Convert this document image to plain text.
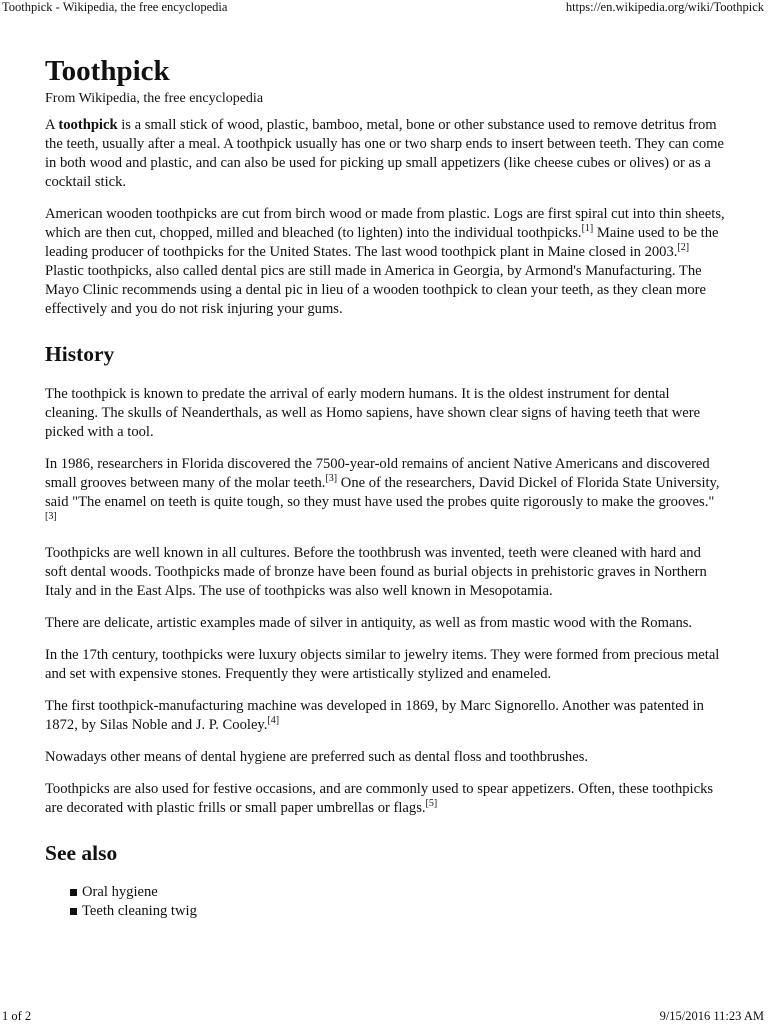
Toothpick - Wikipedia, the free encyclopedia	https://en.wikipedia.org/wiki/Toothpick
Toothpick
From Wikipedia, the free encyclopedia

A toothpick is a small stick of wood, plastic, bamboo, metal, bone or other substance used to remove detritus from the teeth, usually after a meal. A toothpick usually has one or two sharp ends to insert between teeth. They can come in both wood and plastic, and can also be used for picking up small appetizers (like cheese cubes or olives) or as a cocktail stick.

American wooden toothpicks are cut from birch wood or made from plastic. Logs are first spiral cut into thin sheets, which are then cut, chopped, milled and bleached (to lighten) into the individual toothpicks.[1] Maine used to be the leading producer of toothpicks for the United States. The last wood toothpick plant in Maine closed in 2003.[2] Plastic toothpicks, also called dental pics are still made in America in Georgia, by Armond's Manufacturing. The Mayo Clinic recommends using a dental pic in lieu of a wooden toothpick to clean your teeth, as they clean more effectively and you do not risk injuring your gums.

History

The toothpick is known to predate the arrival of early modern humans. It is the oldest instrument for dental cleaning. The skulls of Neanderthals, as well as Homo sapiens, have shown clear signs of having teeth that were picked with a tool.

In 1986, researchers in Florida discovered the 7500-year-old remains of ancient Native Americans and discovered small grooves between many of the molar teeth.[3] One of the researchers, David Dickel of Florida State University, said "The enamel on teeth is quite tough, so they must have used the probes quite rigorously to make the grooves."[3]

Toothpicks are well known in all cultures. Before the toothbrush was invented, teeth were cleaned with hard and soft dental woods. Toothpicks made of bronze have been found as burial objects in prehistoric graves in Northern Italy and in the East Alps. The use of toothpicks was also well known in Mesopotamia.

There are delicate, artistic examples made of silver in antiquity, as well as from mastic wood with the Romans.

In the 17th century, toothpicks were luxury objects similar to jewelry items. They were formed from precious metal and set with expensive stones. Frequently they were artistically stylized and enameled.

The first toothpick-manufacturing machine was developed in 1869, by Marc Signorello. Another was patented in 1872, by Silas Noble and J. P. Cooley.[4]

Nowadays other means of dental hygiene are preferred such as dental floss and toothbrushes.

Toothpicks are also used for festive occasions, and are commonly used to spear appetizers. Often, these toothpicks are decorated with plastic frills or small paper umbrellas or flags.[5]

See also
Oral hygiene
Teeth cleaning twig
1 of 2	9/15/2016 11:23 AM
